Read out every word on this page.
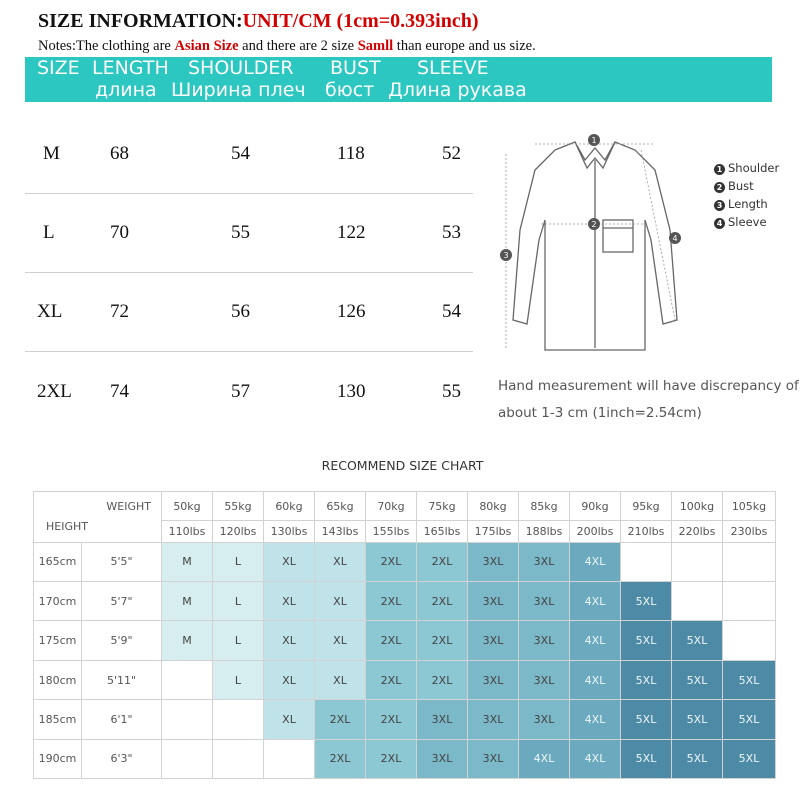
SIZE INFORMATION:UNIT/CM (1cm=0.393inch)
Notes:The clothing are Asian Size and there are 2 size Samll than europe and us size.
SIZE LENGTH SHOULDER BUST SLEEVE
длина Ширина плеч бюст Длина рукава
M	68	54	118	52
L	70	55	122	53
XL	72	56	126	54
2XL 74	57	130	55
1
2
3
4
1 Shoulder
2 Bust
3 Length
4 Sleeve
Hand measurement will have discrepancy of
about 1-3 cm (1inch=2.54cm)
RECOMMEND SIZE CHART
WEIGHT
HEIGHT		50kg	55kg	60kg	65kg	70kg	75kg	80kg	85kg	90kg	95kg	100kg	105kg
		110lbs	120lbs	130lbs	143lbs	155lbs	165lbs	175lbs	188lbs	200lbs	210lbs	220lbs	230lbs
165cm	5'5"	M	L	XL	XL	2XL	2XL	3XL	3XL	4XL			
170cm	5'7"	M	L	XL	XL	2XL	2XL	3XL	3XL	4XL	5XL		
175cm	5'9"	M	L	XL	XL	2XL	2XL	3XL	3XL	4XL	5XL	5XL	
180cm	5'11"		L	XL	XL	2XL	2XL	3XL	3XL	4XL	5XL	5XL	5XL
185cm	6'1"			XL	2XL	2XL	3XL	3XL	3XL	4XL	5XL	5XL	5XL
190cm	6'3"				2XL	2XL	3XL	3XL	4XL	4XL	5XL	5XL	5XL
